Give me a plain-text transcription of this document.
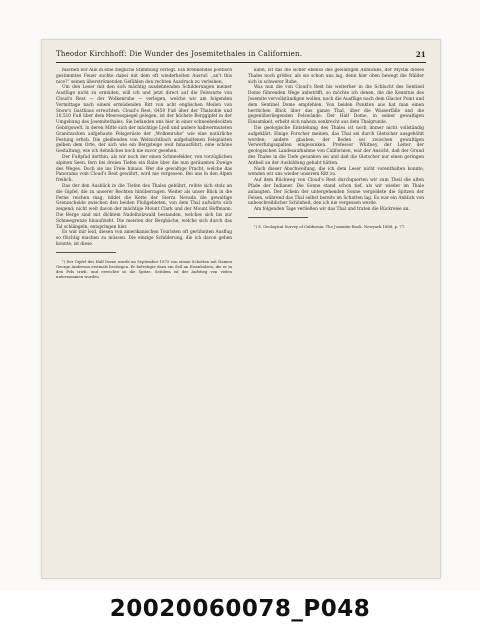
Theodor Kirchhoff: Die Wunder des Josemitethales in Californien.	21

machen wir Alle in eine ziegliche Stimmung verlegt. Ein brennendes poetisch gestimmtes Feuer suchte dabei mit dem oft wiederholten Ausruf: „an't this nice?“ seinen überströmenden Gefühlen den rechten Ausdruck zu verleihen.

Um den Leser mit den sich mächtig ausdehnenden Schilderungen meiner Ausflüge nicht zu ermüden, will ich und jetzt direct auf die Felswarte von Cloud's Rest — der Wolkenruhe — verlegen, welche wir am folgenden Vormittage nach einem ermüdenden Ritt von acht englischen Meilen von Snow's Gasthaus erreichten. Cloud's Rest, 6450 Fuß über der Thalsohle und 10,510 Fuß über dem Meeresspiegel gelegen, ist der höchste Berggipfel in der Umgebung des Josemitethales. Sie befanden uns hier in einer schneebedeckten Gebirgswelt, in deren Mitte sich der mächtige Lyell und andere halbvermuteten Granitzacken aufgebaute Felsgerüste der „Wolkenruhe“ wie eine natürliche Festung erhob. Die gleißenden von Weitsichtbach aufgehaltenen Felsplatten gelben dem Orte, der sich wie ein Bergsteige weit hinausführt, eine schöne Gestaltung, wie ich Aehnliches noch nie zuvor gesehen.

Der Fußpfad dorthin, als wir noch der einen Schneefelder, von vorzüglichen alpinen Seen, fern bei dreien Tiefen ein Rabe über die nun geräumten Zweige des Weges. Doch sie ins Freie hinaus. Wer die gewaltige Pracht, welche das Panorama vom Cloud's Rest gewährt, wird nie vergessen. Bei uns in den Alpen freilich.

Das der den Ausblick in die Tiefen des Thales gebührt, reihte sich stolz an die Gipfel, die zu unserer Rechten hinüberragen. Weiter als unser Blick in die Ferne reichen mag, bildet die Kette der Sierra Nevada die gewaltige Grenzscheide zwischen den beiden Flußgebieten, von dem Thal aufwärts sich zeigend; nicht weit davon der mächtige Mount Clark und der Mount Hoffmann. Die Berge sind mit dichtem Nadelholzwald bestanden, welches sich bis zur Schneegrenze hinaufzieht. Die meisten der Bergbäche, welche sich durch das Tal schlängeln, entspringen hier.

Es war mir leid, diesen von amerikanischen Touristen oft gerühmten Ausflug so flüchtig machen zu müssen. Die einzige Schilderung, die ich davon geben konnte, ist diese.

¹) Der Gipfel des Half Dome wurde im September 1875 von einem Schotten mit Namen George Anderson erstmals bestiegen. Er befestigte dazu ein Seil an Eisenbolzen, die er in den Fels trieb, und erreichte so die Spitze. Seitdem ist der Aufstieg von vielen unternommen worden.

kann, ist das die sicher ebenso des gewaltigen Anblickes, der Mystik dieses Thales noch größer, als sie schon uns lag, denn hier oben bewegt die Wälder sich in schwerer Ruhe.

Was nun die von Cloud's Rest bis weiterher in die Schlucht des Sentinel Dome führenden Wege anbetrifft, so möchte ich denen, die die Kenntnis des Josemite vervollständigen wollen, noch die Ausflüge nach dem Glacier Point und dem Sentinel Dome empfehlen. Von beiden Punkten aus hat man einen herrlichen Blick über das ganze Thal, über die Wasserfälle und die gegenüberliegenden Felswände. Der Half Dome, in seiner gewaltigen Einsamkeit, erhebt sich nahezu senkrecht aus dem Thalgrunde.

Die geologische Entstehung des Thales ist noch immer nicht vollständig aufgeklärt. Einige Forscher meinen, das Thal sei durch Gletscher ausgehöhlt worden; andere glauben, der Boden sei zwischen gewaltigen Verwerfungsspalten eingesunken. Professor Whitney, der Leiter der geologischen Landesaufnahme von Californien, war der Ansicht, daß der Grund des Thales in die Tiefe gesunken sei und daß die Gletscher nur einen geringen Antheil an der Ausbildung gehabt hätten.

Nach dieser Abschweifung, die ich dem Leser nicht vorenthalten konnte, wenden wir uns wieder unserem Ritt zu.

Auf dem Rückweg von Cloud's Rest durchquerten wir zum Theil die alten Pfade der Indianer. Die Sonne stand schon tief, als wir wieder im Thale anlangten. Der Schein der untergehenden Sonne vergoldete die Spitzen der Felsen, während das Thal selbst bereits im Schatten lag. Es war ein Anblick von unbeschreiblicher Schönheit, den ich nie vergessen werde.

Am folgenden Tage verließen wir das Thal und traten die Rückreise an.

¹) S. Geological Survey of California: The Josemite Book. Newyork 1868, p. 77.

20020060078_P048
